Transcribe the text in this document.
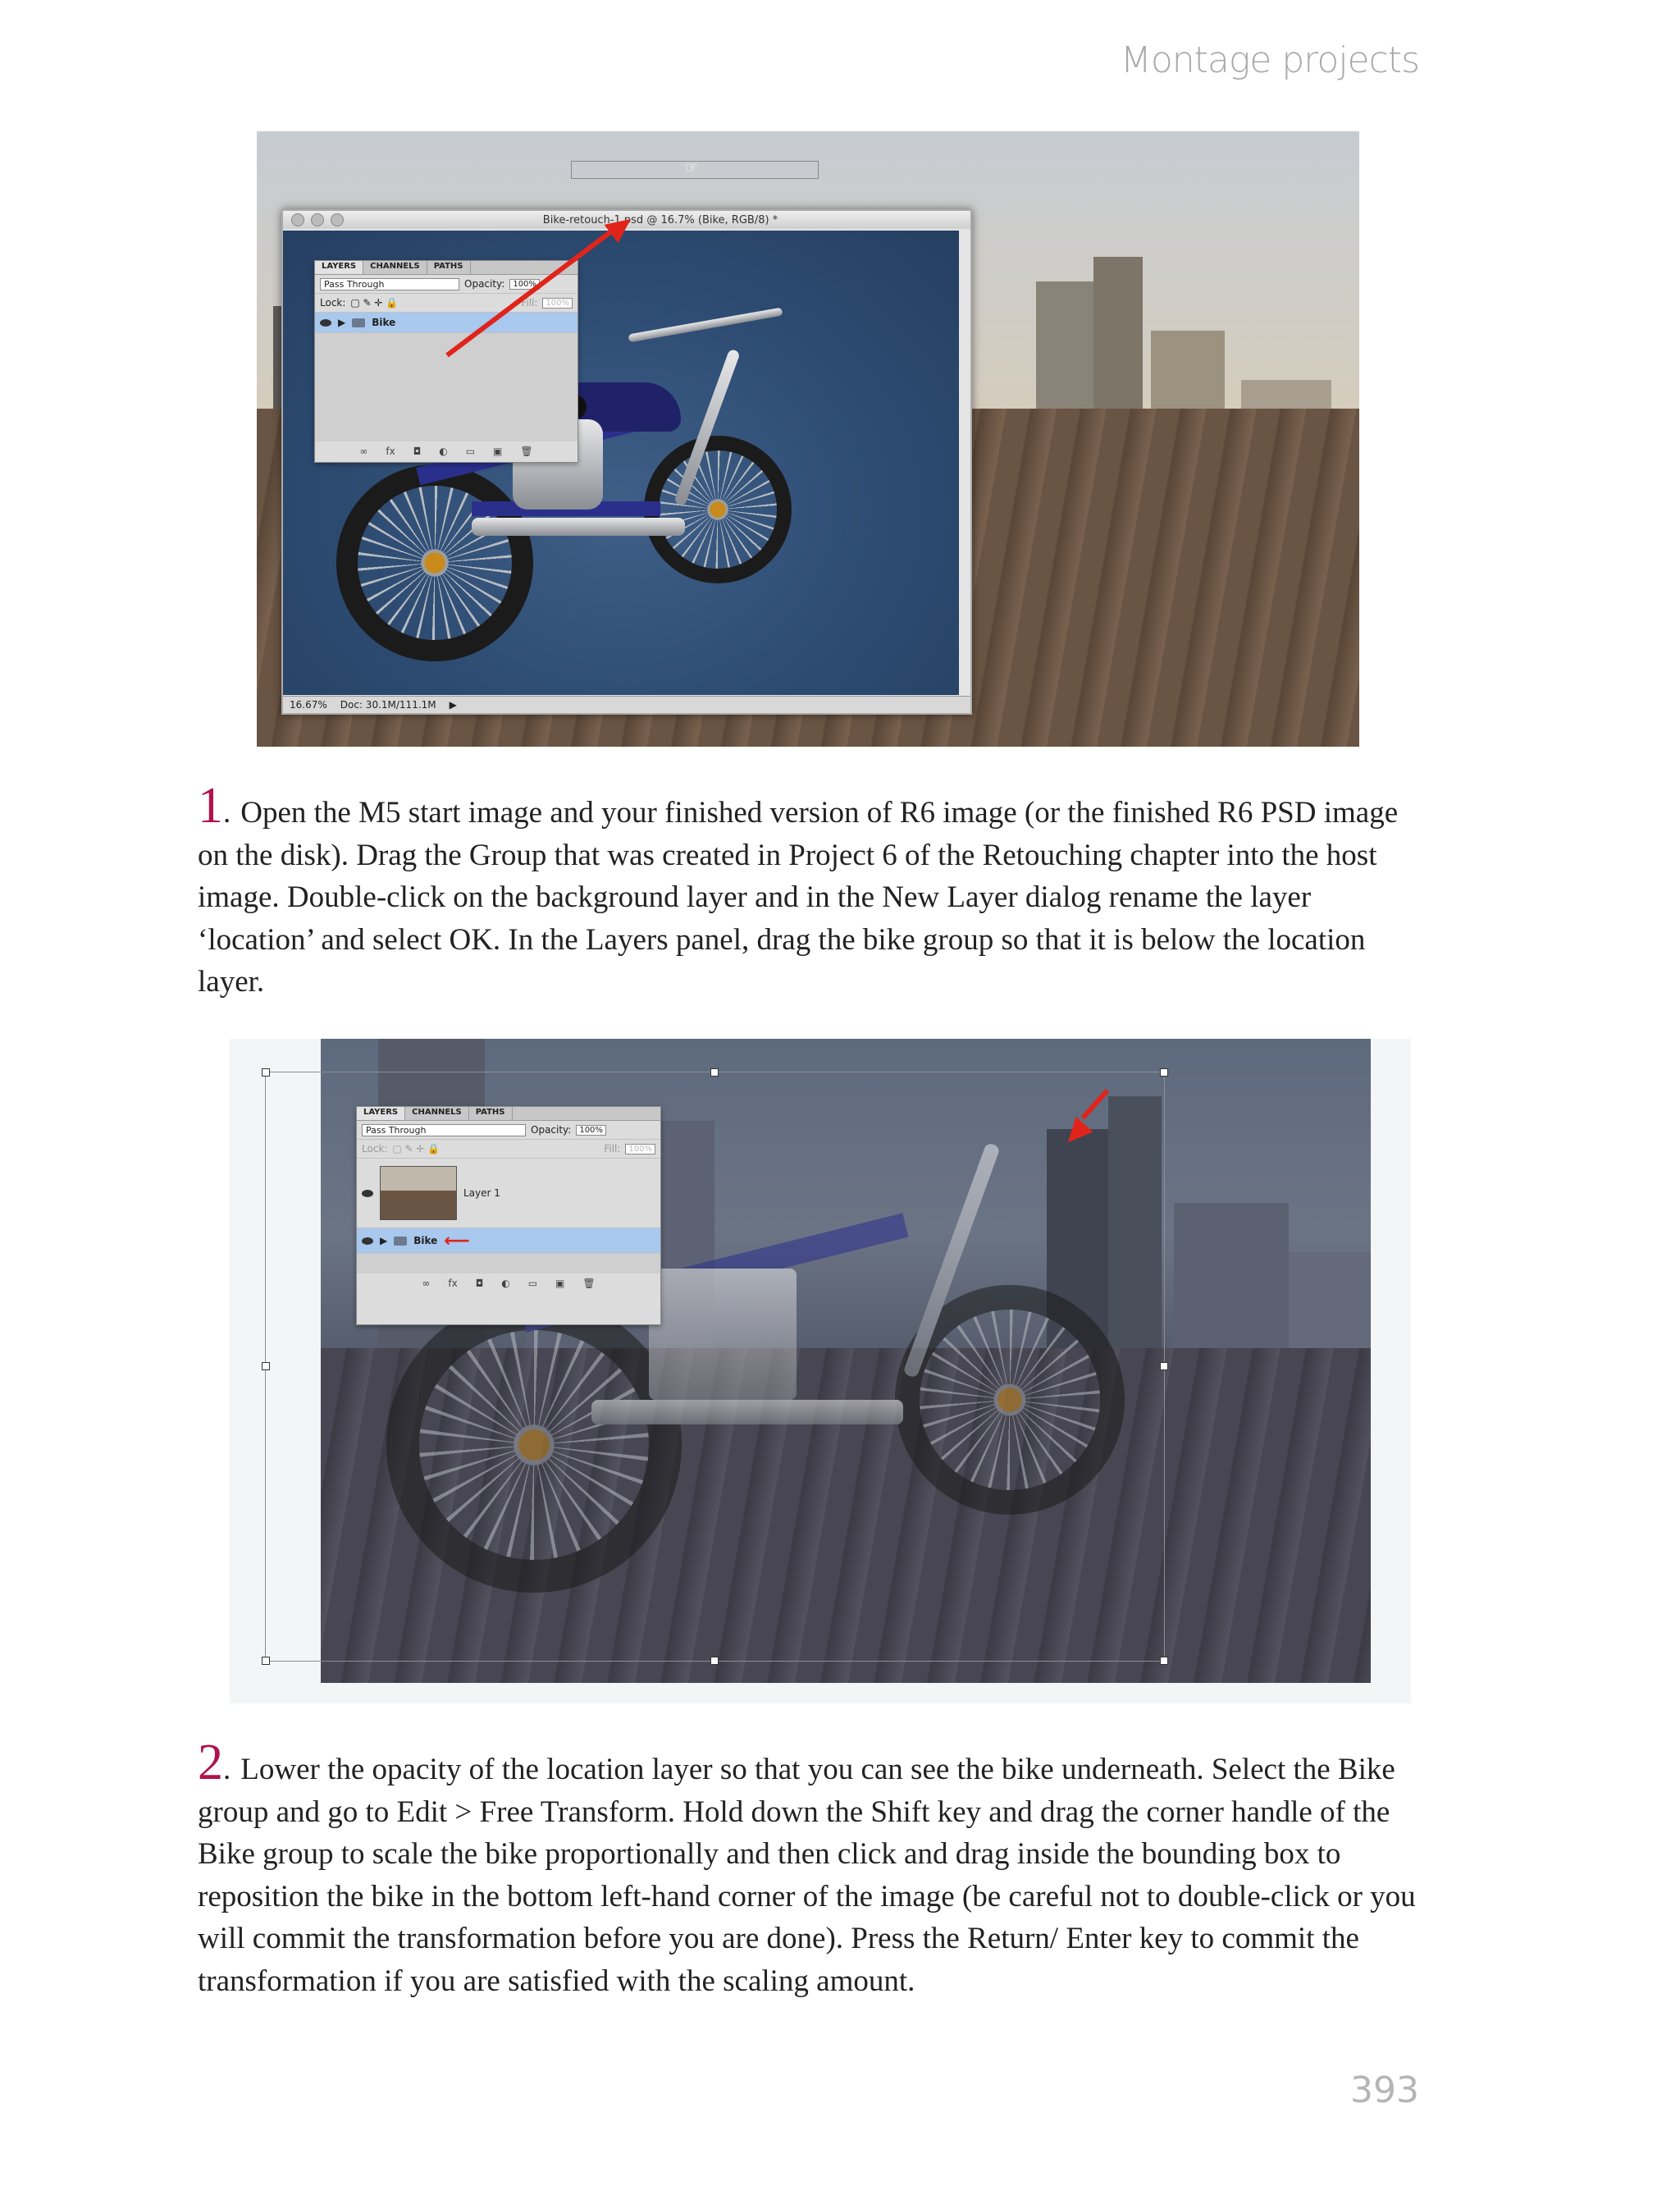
Montage projects
Bike-retouch-1.psd @ 16.7% (Bike, RGB/8) *
16.67% Doc: 30.1M/111.1M ▶
LAYERS	CHANNELS	PATHS
Pass Through	Opacity:	100%
Lock: ▢ ✎ ✛ 🔒	Fill:	100%
▶	Bike
∞ fx ◘ ◐ ▭ ▣ 🗑
☞
1. Open the M5 start image and your finished version of R6 image (or the finished R6 PSD image on the disk). Drag the Group that was created in Project 6 of the Retouching chapter into the host image. Double-click on the background layer and in the New Layer dialog rename the layer ‘location’ and select OK. In the Layers panel, drag the bike group so that it is below the location layer.
LAYERS	CHANNELS	PATHS
Pass Through	Opacity:	100%
Lock: ▢ ✎ ✛ 🔒	Fill:	100%
Layer 1
▶	Bike ⟵
∞ fx ◘ ◐ ▭ ▣ 🗑
2. Lower the opacity of the location layer so that you can see the bike underneath. Select the Bike group and go to Edit > Free Transform. Hold down the Shift key and drag the corner handle of the Bike group to scale the bike proportionally and then click and drag inside the bounding box to reposition the bike in the bottom left-hand corner of the image (be careful not to double-click or you will commit the transformation before you are done). Press the Return/ Enter key to commit the transformation if you are satisfied with the scaling amount.
393
